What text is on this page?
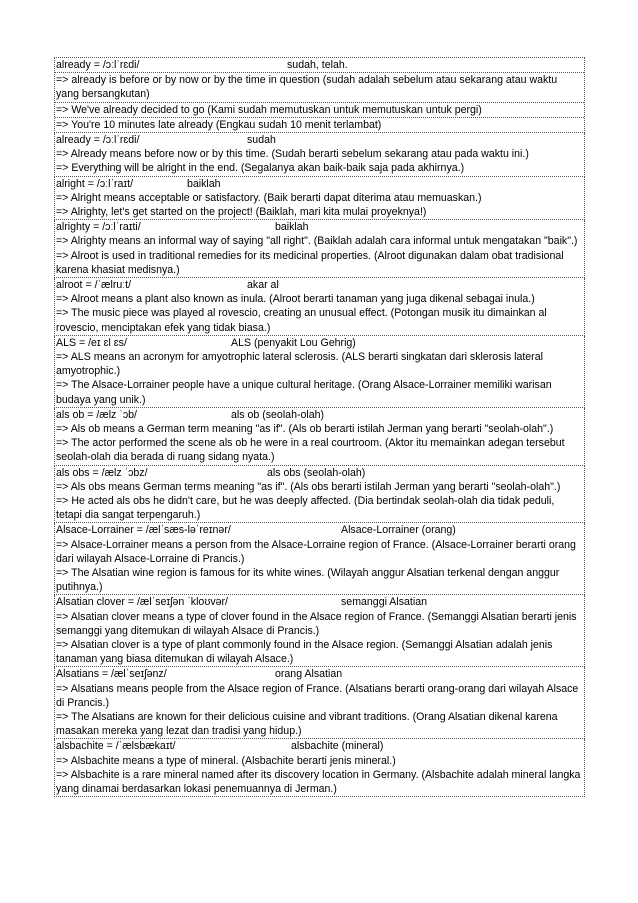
already = /ɔːlˈrɛdi/	sudah, telah.
=> already is before or by now or by the time in question (sudah adalah sebelum atau sekarang atau waktu yang bersangkutan)
=> We've already decided to go (Kami sudah memutuskan untuk memutuskan untuk pergi)
=> You're 10 minutes late already (Engkau sudah 10 menit terlambat)
already = /ɔːlˈrɛdi/	sudah
=> Already means before now or by this time. (Sudah berarti sebelum sekarang atau pada waktu ini.)
=> Everything will be alright in the end. (Segalanya akan baik-baik saja pada akhirnya.)
alright = /ɔːlˈraɪt/	baiklah
=> Alright means acceptable or satisfactory. (Baik berarti dapat diterima atau memuaskan.)
=> Alrighty, let's get started on the project! (Baiklah, mari kita mulai proyeknya!)
alrighty = /ɔːlˈraɪti/	baiklah
=> Alrighty means an informal way of saying "all right". (Baiklah adalah cara informal untuk mengatakan "baik".)
=> Alroot is used in traditional remedies for its medicinal properties. (Alroot digunakan dalam obat tradisional karena khasiat medisnya.)
alroot = /ˈælruːt/	akar al
=> Alroot means a plant also known as inula. (Alroot berarti tanaman yang juga dikenal sebagai inula.)
=> The music piece was played al rovescio, creating an unusual effect. (Potongan musik itu dimainkan al rovescio, menciptakan efek yang tidak biasa.)
ALS = /eɪ ɛl ɛs/	ALS (penyakit Lou Gehrig)
=> ALS means an acronym for amyotrophic lateral sclerosis. (ALS berarti singkatan dari sklerosis lateral amyotrophic.)
=> The Alsace-Lorrainer people have a unique cultural heritage. (Orang Alsace-Lorrainer memiliki warisan budaya yang unik.)
als ob = /ælz ˈɔb/	als ob (seolah-olah)
=> Als ob means a German term meaning "as if". (Als ob berarti istilah Jerman yang berarti "seolah-olah".)
=> The actor performed the scene als ob he were in a real courtroom. (Aktor itu memainkan adegan tersebut seolah-olah dia berada di ruang sidang nyata.)
als obs = /ælz ˈɔbz/	als obs (seolah-olah)
=> Als obs means German terms meaning "as if". (Als obs berarti istilah Jerman yang berarti "seolah-olah".)
=> He acted als obs he didn't care, but he was deeply affected. (Dia bertindak seolah-olah dia tidak peduli, tetapi dia sangat terpengaruh.)
Alsace-Lorrainer = /ælˈsæs-ləˈreɪnər/	Alsace-Lorrainer (orang)
=> Alsace-Lorrainer means a person from the Alsace-Lorraine region of France. (Alsace-Lorrainer berarti orang dari wilayah Alsace-Lorraine di Prancis.)
=> The Alsatian wine region is famous for its white wines. (Wilayah anggur Alsatian terkenal dengan anggur putihnya.)
Alsatian clover = /ælˈseɪʃən ˈkloʊvər/	semanggi Alsatian
=> Alsatian clover means a type of clover found in the Alsace region of France. (Semanggi Alsatian berarti jenis semanggi yang ditemukan di wilayah Alsace di Prancis.)
=> Alsatian clover is a type of plant commonly found in the Alsace region. (Semanggi Alsatian adalah jenis tanaman yang biasa ditemukan di wilayah Alsace.)
Alsatians = /ælˈseɪʃənz/	orang Alsatian
=> Alsatians means people from the Alsace region of France. (Alsatians berarti orang-orang dari wilayah Alsace di Prancis.)
=> The Alsatians are known for their delicious cuisine and vibrant traditions. (Orang Alsatian dikenal karena masakan mereka yang lezat dan tradisi yang hidup.)
alsbachite = /ˈælsbækaɪt/	alsbachite (mineral)
=> Alsbachite means a type of mineral. (Alsbachite berarti jenis mineral.)
=> Alsbachite is a rare mineral named after its discovery location in Germany. (Alsbachite adalah mineral langka yang dinamai berdasarkan lokasi penemuannya di Jerman.)
